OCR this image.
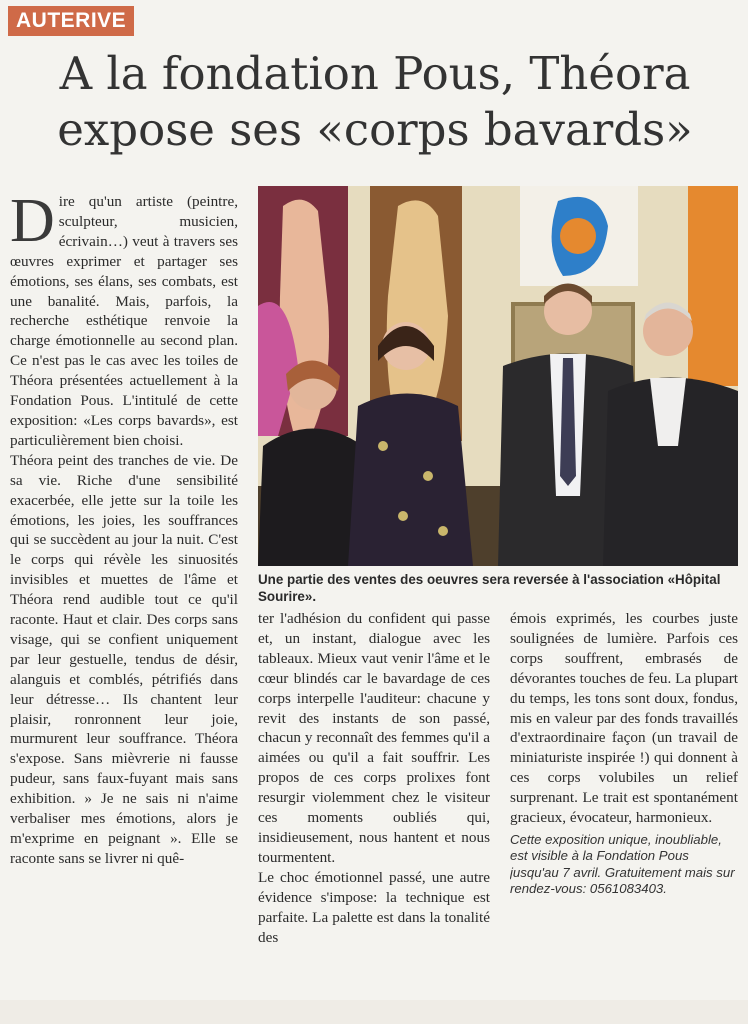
AUTERIVE
A la fondation Pous, Théora
expose ses «corps bavards»

Dire qu'un artiste (peintre, sculpteur, musicien, écrivain…) veut à travers ses œuvres exprimer et partager ses émotions, ses élans, ses combats, est une banalité. Mais, parfois, la recherche esthétique renvoie la charge émotionnelle au second plan. Ce n'est pas le cas avec les toiles de Théora présentées actuellement à la Fondation Pous. L'intitulé de cette exposition: «Les corps bavards», est particulièrement bien choisi.

Théora peint des tranches de vie. De sa vie. Riche d'une sensibilité exacerbée, elle jette sur la toile les émotions, les joies, les souffrances qui se succèdent au jour la nuit. C'est le corps qui révèle les sinuosités invisibles et muettes de l'âme et Théora rend audible tout ce qu'il raconte. Haut et clair. Des corps sans visage, qui se confient uniquement par leur gestuelle, tendus de désir, alanguis et comblés, pétrifiés dans leur détresse… Ils chantent leur plaisir, ronronnent leur joie, murmurent leur souffrance. Théora s'expose. Sans mièvrerie ni fausse pudeur, sans faux-fuyant mais sans exhibition. » Je ne sais ni n'aime verbaliser mes émotions, alors je m'exprime en peignant ». Elle se raconte sans se livrer ni quê-

Une partie des ventes des oeuvres sera reversée à l'association «Hôpital Sourire».

ter l'adhésion du confident qui passe et, un instant, dialogue avec les tableaux. Mieux vaut venir l'âme et le cœur blindés car le bavardage de ces corps interpelle l'auditeur: chacune y revit des instants de son passé, chacun y reconnaît des femmes qu'il a aimées ou qu'il a fait souffrir. Les propos de ces corps prolixes font resurgir violemment chez le visiteur ces moments oubliés qui, insidieusement, nous hantent et nous tourmentent.

Le choc émotionnel passé, une autre évidence s'impose: la technique est parfaite. La palette est dans la tonalité des

émois exprimés, les courbes juste soulignées de lumière. Parfois ces corps souffrent, embrasés de dévorantes touches de feu. La plupart du temps, les tons sont doux, fondus, mis en valeur par des fonds travaillés d'extraordinaire façon (un travail de miniaturiste inspirée !) qui donnent à ces corps volubiles un relief surprenant. Le trait est spontanément gracieux, évocateur, harmonieux.

Cette exposition unique, inoubliable, est visible à la Fondation Pous jusqu'au 7 avril. Gratuitement mais sur rendez-vous: 0561083403.
